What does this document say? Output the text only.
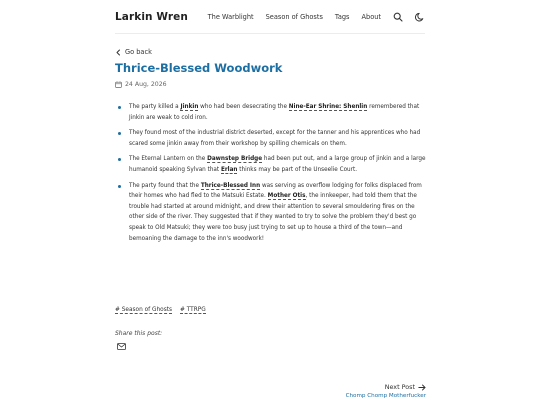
Larkin Wren	The Warblight Season of Ghosts Tags About
Go back
Thrice-Blessed Woodwork
24 Aug, 2026
The party killed a Jinkin who had been desecrating the Nine-Ear Shrine: Shenlin remembered that Jinkin are weak to cold iron.
They found most of the industrial district deserted, except for the tanner and his apprentices who had scared some jinkin away from their workshop by spilling chemicals on them.
The Eternal Lantern on the Dawnstep Bridge had been put out, and a large group of jinkin and a large humanoid speaking Sylvan that Erlan thinks may be part of the Unseelie Court.
The party found that the Thrice-Blessed Inn was serving as overflow lodging for folks displaced from their homes who had fled to the Matsuki Estate. Mother Otis, the innkeeper, had told them that the trouble had started at around midnight, and drew their attention to several smouldering fires on the other side of the river. They suggested that if they wanted to try to solve the problem they'd best go speak to Old Matsuki; they were too busy just trying to set up to house a third of the town—and bemoaning the damage to the inn's woodwork!
# Season of Ghosts # TTRPG
Share this post:
Next Post
Chomp Chomp Motherfucker
